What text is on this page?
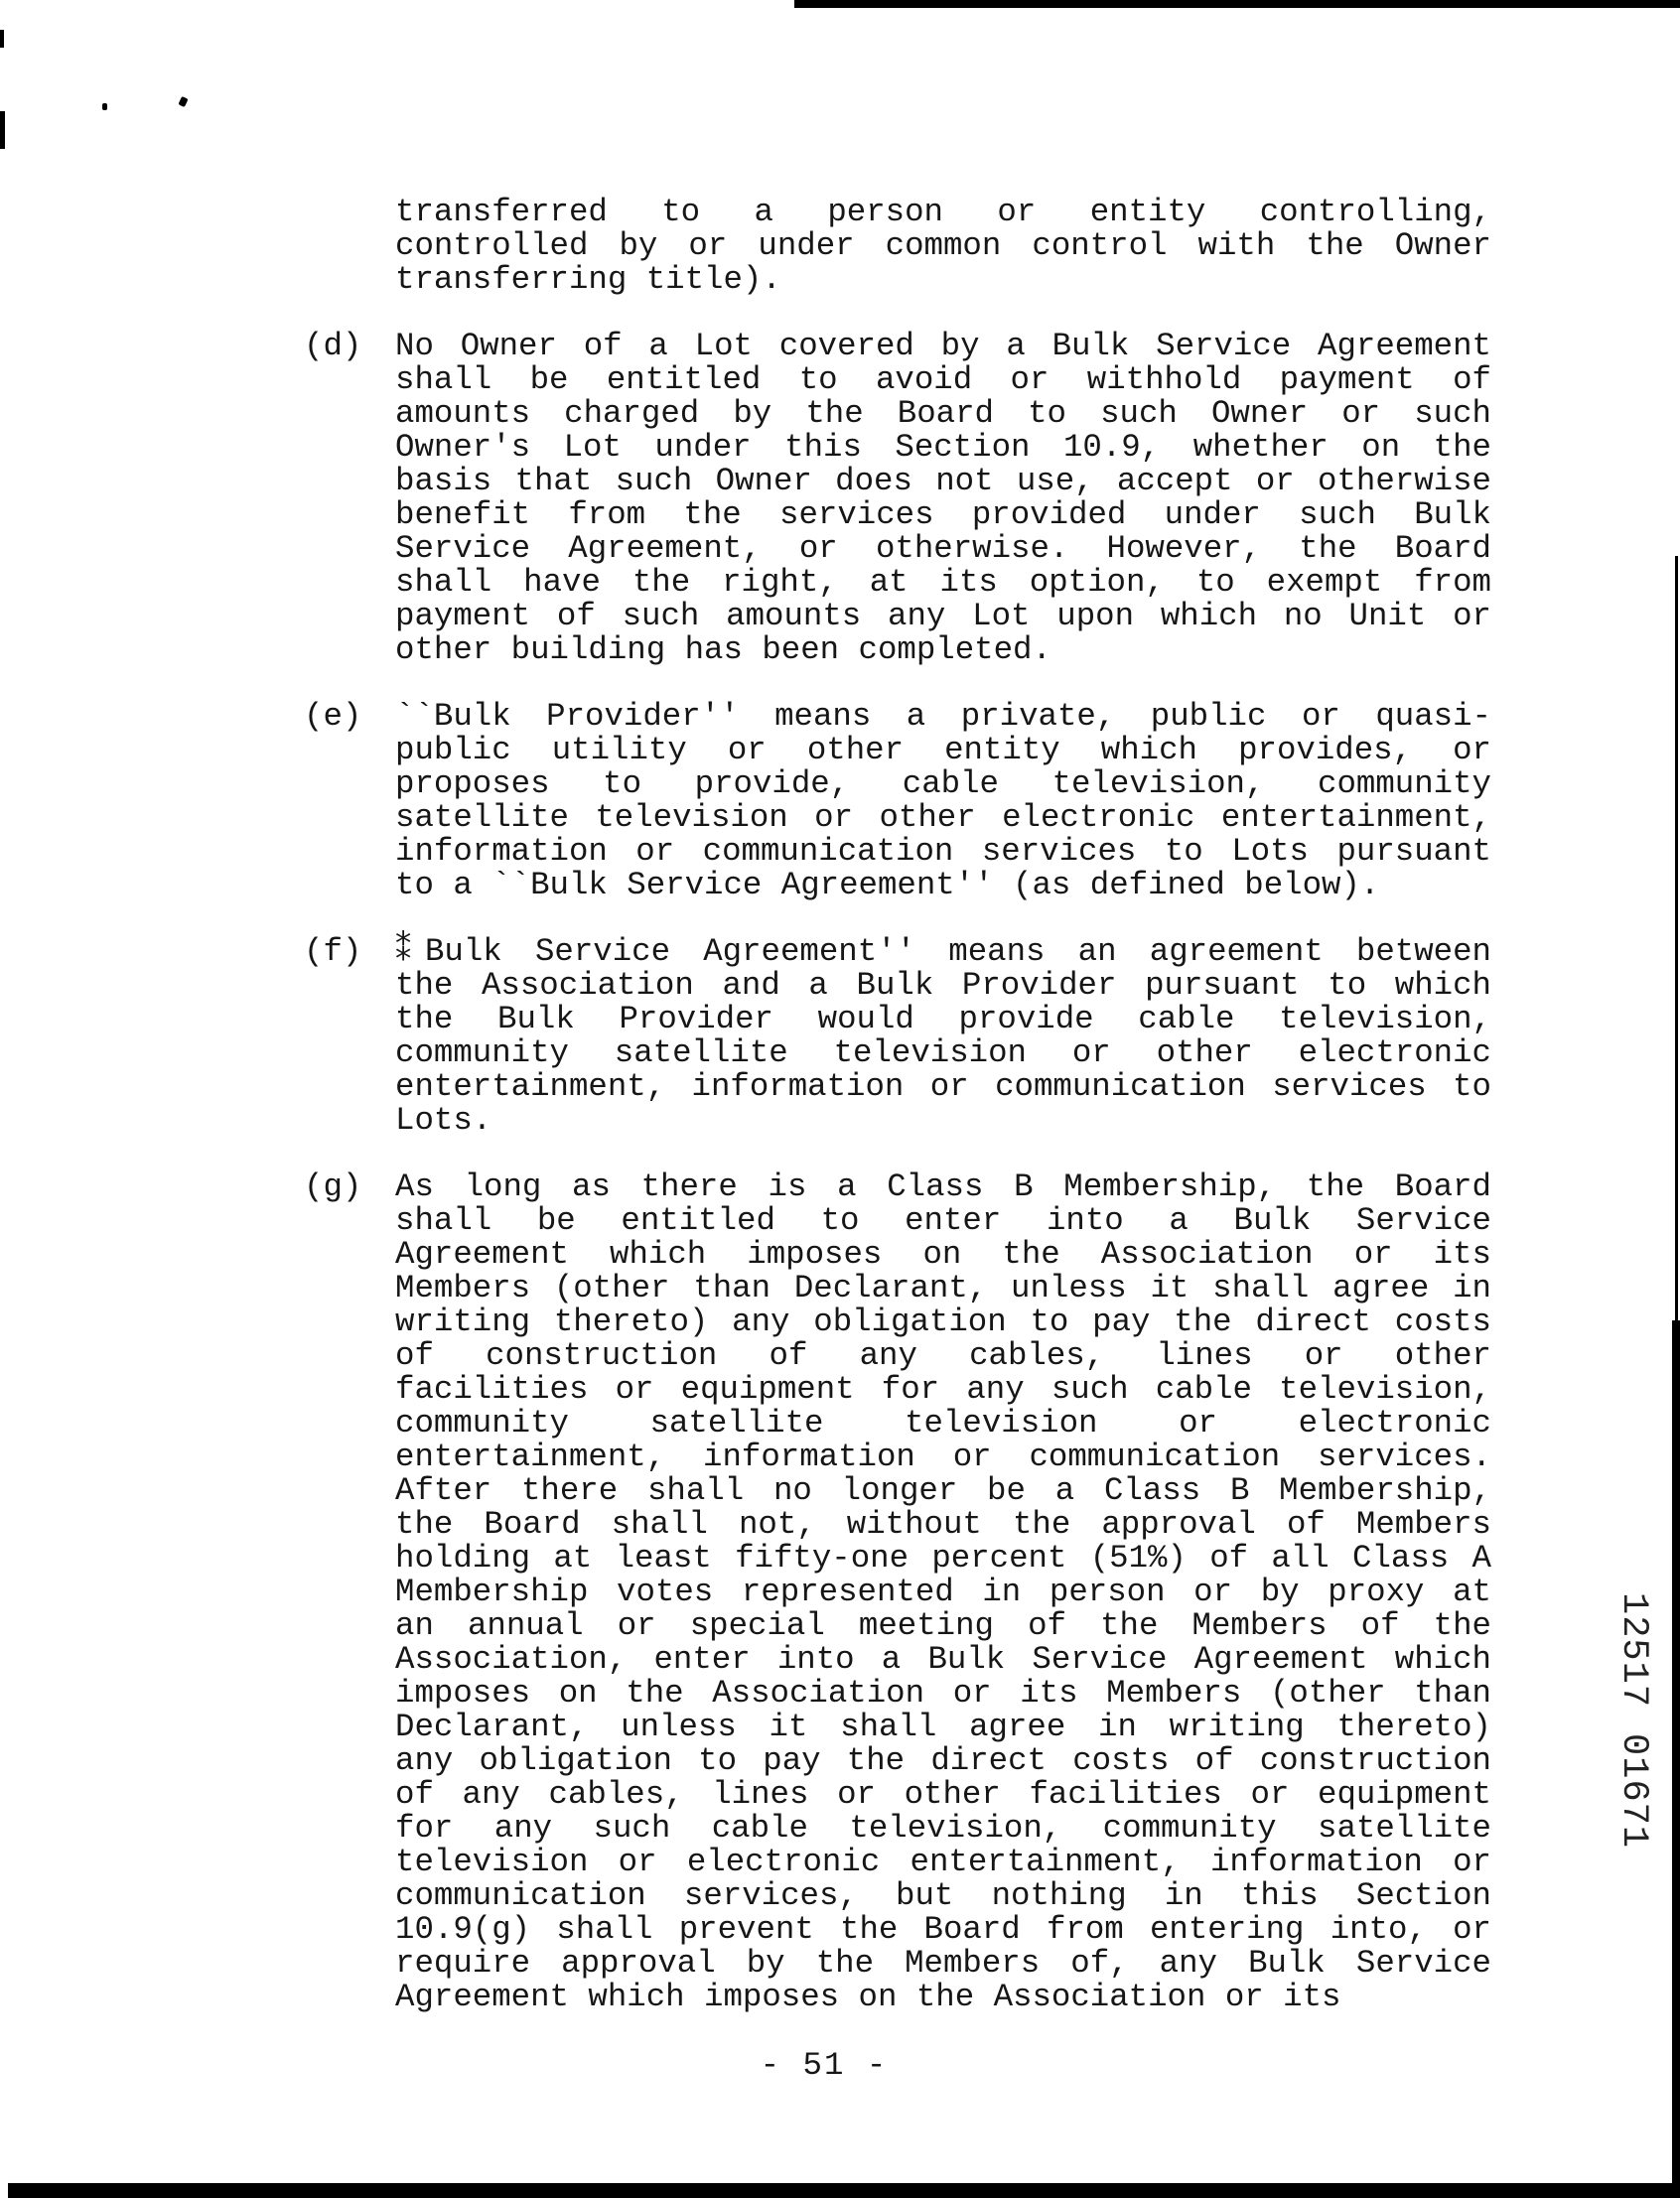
transferred to a person or entity controlling,
controlled by or under common control with the Owner
transferring title).
(d) No Owner of a Lot covered by a Bulk Service Agreement
shall be entitled to avoid or withhold payment of
amounts charged by the Board to such Owner or such
Owner's Lot under this Section 10.9, whether on the
basis that such Owner does not use, accept or otherwise
benefit from the services provided under such Bulk
Service Agreement, or otherwise. However, the Board
shall have the right, at its option, to exempt from
payment of such amounts any Lot upon which no Unit or
other building has been completed.
(e) ``Bulk Provider'' means a private, public or quasi-
public utility or other entity which provides, or
proposes to provide, cable television, community
satellite television or other electronic entertainment,
information or communication services to Lots pursuant
to a ``Bulk Service Agreement'' (as defined below).
(f) ⁑Bulk Service Agreement'' means an agreement between
the Association and a Bulk Provider pursuant to which
the Bulk Provider would provide cable television,
community satellite television or other electronic
entertainment, information or communication services to
Lots.
(g) As long as there is a Class B Membership, the Board
shall be entitled to enter into a Bulk Service
Agreement which imposes on the Association or its
Members (other than Declarant, unless it shall agree in
writing thereto) any obligation to pay the direct costs
of construction of any cables, lines or other
facilities or equipment for any such cable television,
community satellite television or electronic
entertainment, information or communication services.
After there shall no longer be a Class B Membership,
the Board shall not, without the approval of Members
holding at least fifty-one percent (51%) of all Class A
Membership votes represented in person or by proxy at
an annual or special meeting of the Members of the
Association, enter into a Bulk Service Agreement which
imposes on the Association or its Members (other than
Declarant, unless it shall agree in writing thereto)
any obligation to pay the direct costs of construction
of any cables, lines or other facilities or equipment
for any such cable television, community satellite
television or electronic entertainment, information or
communication services, but nothing in this Section
10.9(g) shall prevent the Board from entering into, or
require approval by the Members of, any Bulk Service
Agreement which imposes on the Association or its
- 51 -
1251701671
